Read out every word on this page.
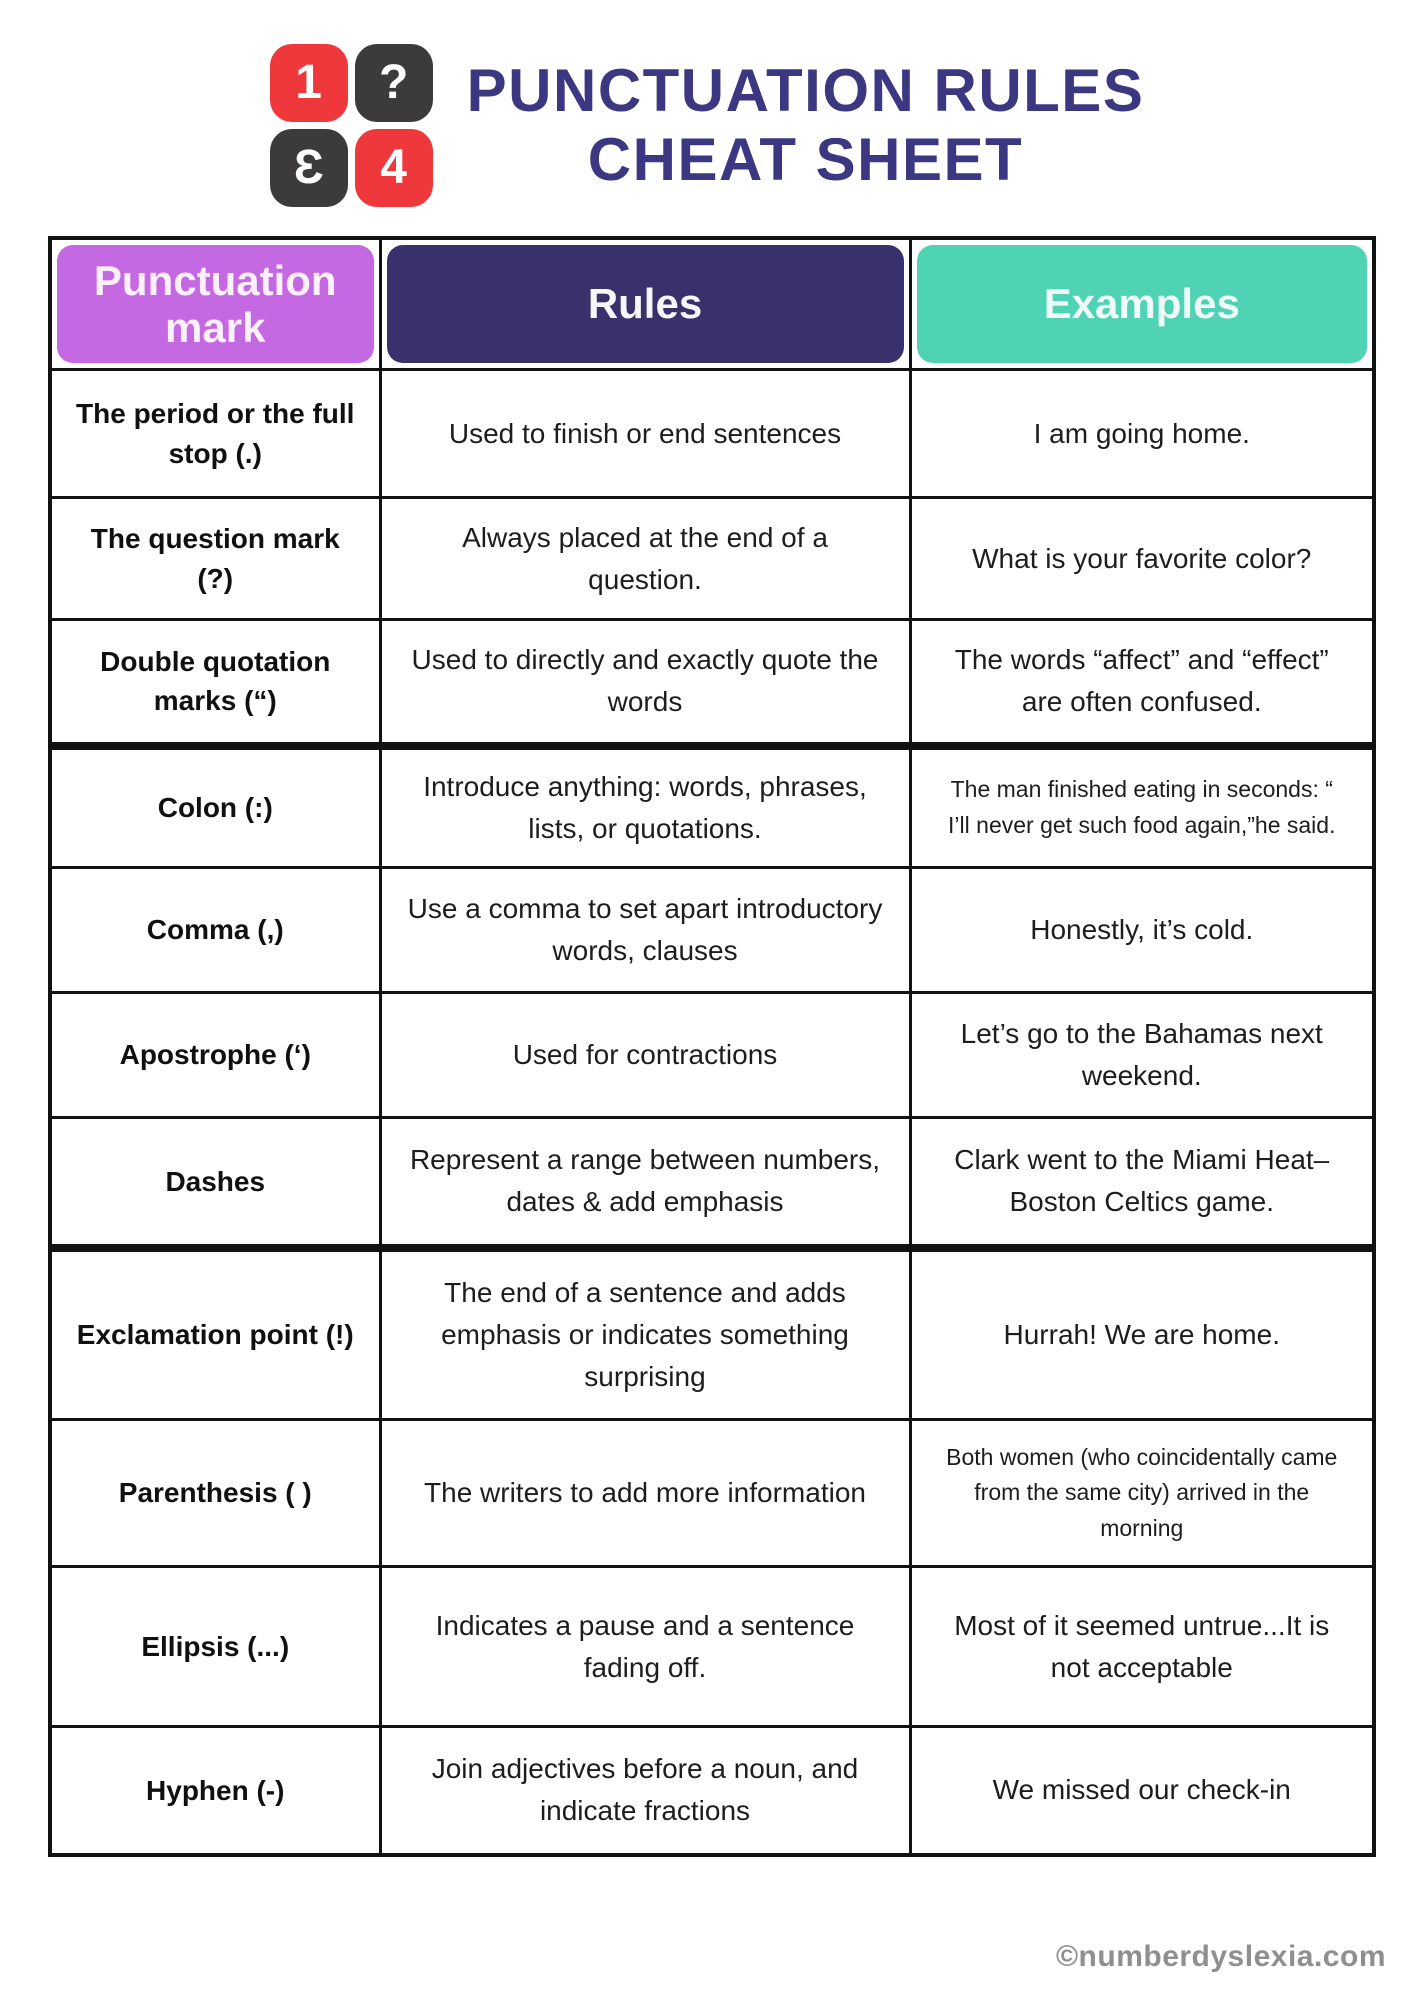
1 ?
Ɛ 4
PUNCTUATION RULES
CHEAT SHEET
Punctuation mark	Rules	Examples

The period or the full stop (.)	Used to finish or end sentences	I am going home.
The question mark (?)	Always placed at the end of a question.	What is your favorite color?
Double quotation marks (“)	Used to directly and exactly quote the words	The words “affect” and “effect” are often confused.
Colon (:)	Introduce anything: words, phrases, lists, or quotations.	The man finished eating in seconds: “ I’ll never get such food again,”he said.
Comma (,)	Use a comma to set apart introductory words, clauses	Honestly, it’s cold.
Apostrophe (‘)	Used for contractions	Let’s go to the Bahamas next weekend.
Dashes	Represent a range between numbers, dates & add emphasis	Clark went to the Miami Heat– Boston Celtics game.
Exclamation point (!)	The end of a sentence and adds emphasis or indicates something surprising	Hurrah! We are home.
Parenthesis ( )	The writers to add more information	Both women (who coincidentally came from the same city) arrived in the morning
Ellipsis (...)	Indicates a pause and a sentence fading off.	Most of it seemed untrue...It is not acceptable
Hyphen (-)	Join adjectives before a noun, and indicate fractions	We missed our check-in
©numberdyslexia.com
